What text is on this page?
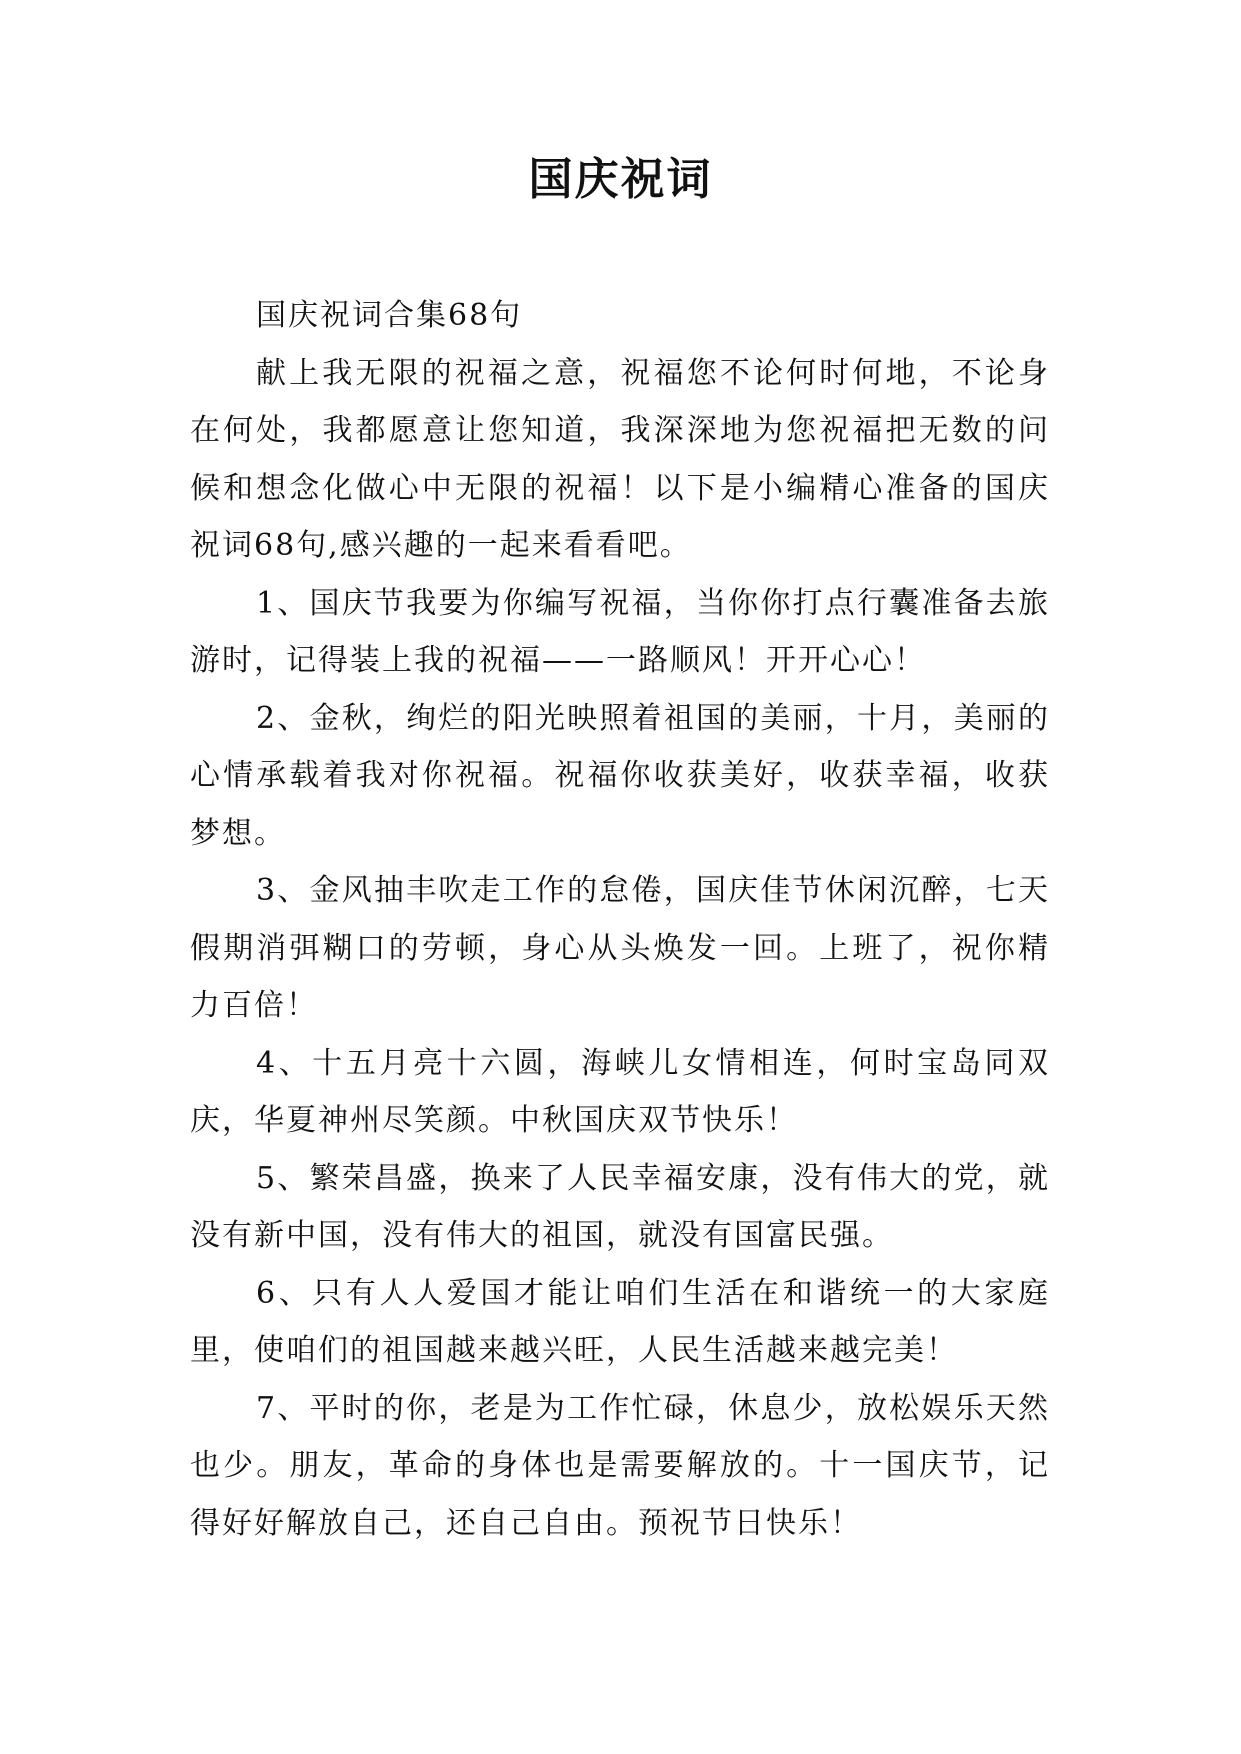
国庆祝词

国庆祝词合集68句

献上我无限的祝福之意，祝福您不论何时何地，不论身在何处，我都愿意让您知道，我深深地为您祝福把无数的问候和想念化做心中无限的祝福！以下是小编精心准备的国庆祝词68句,感兴趣的一起来看看吧。

1、国庆节我要为你编写祝福，当你你打点行囊准备去旅游时，记得装上我的祝福——一路顺风！开开心心！

2、金秋，绚烂的阳光映照着祖国的美丽，十月，美丽的心情承载着我对你祝福。祝福你收获美好，收获幸福，收获梦想。

3、金风抽丰吹走工作的怠倦，国庆佳节休闲沉醉，七天假期消弭糊口的劳顿，身心从头焕发一回。上班了，祝你精力百倍！

4、十五月亮十六圆，海峡儿女情相连，何时宝岛同双庆，华夏神州尽笑颜。中秋国庆双节快乐！

5、繁荣昌盛，换来了人民幸福安康，没有伟大的党，就没有新中国，没有伟大的祖国，就没有国富民强。

6、只有人人爱国才能让咱们生活在和谐统一的大家庭里，使咱们的祖国越来越兴旺，人民生活越来越完美！

7、平时的你，老是为工作忙碌，休息少，放松娱乐天然也少。朋友，革命的身体也是需要解放的。十一国庆节，记得好好解放自己，还自己自由。预祝节日快乐！
